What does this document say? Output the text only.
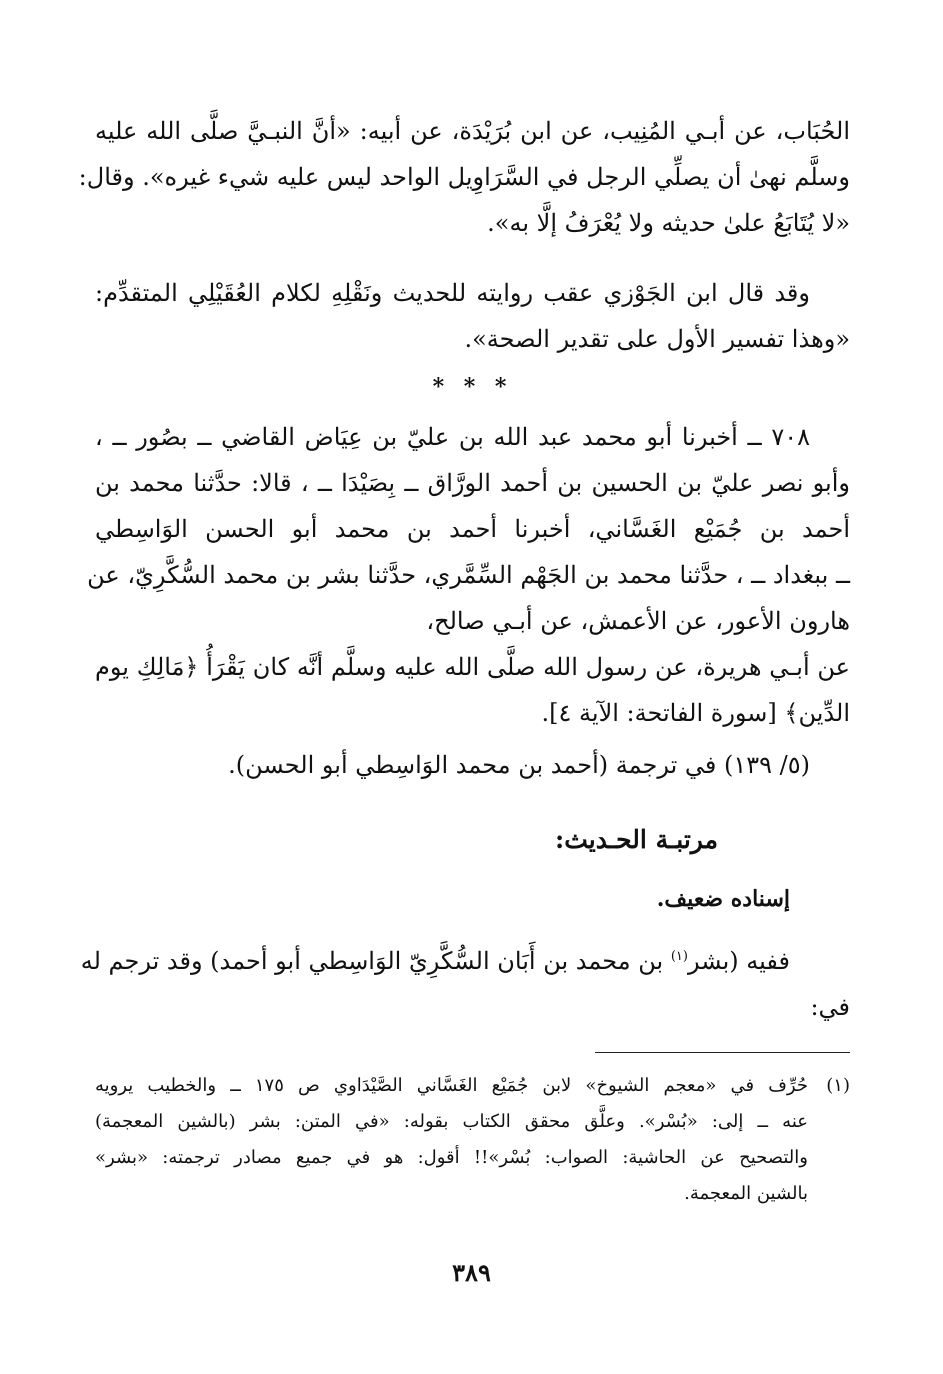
الحُبَاب، عن أبـي المُنِيب، عن ابن بُرَيْدَة، عن أبيه: «أنَّ النبـيَّ صلَّى الله عليه
وسلَّم نهىٰ أن يصلِّي الرجل في السَّرَاوِيل الواحد ليس عليه شيء غيره». وقال:
«لا يُتَابَعُ علىٰ حديثه ولا يُعْرَفُ إلَّا به».
وقد قال ابن الجَوْزي عقب روايته للحديث ونَقْلِهِ لكلام العُقَيْلِي المتقدِّم:
«وهذا تفسير الأول على تقدير الصحة».
* * *
٧٠٨ ــ أخبرنا أبو محمد عبد الله بن عليّ بن عِيَاض القاضي ــ بصُور ــ ،
وأبو نصر عليّ بن الحسين بن أحمد الورَّاق ــ بِصَيْدَا ــ ، قالا: حدَّثنا محمد بن
أحمد بن جُمَيْع الغَسَّاني، أخبرنا أحمد بن محمد أبو الحسن الوَاسِطي
ــ ببغداد ــ ، حدَّثنا محمد بن الجَهْم السِّمَّري، حدَّثنا بشر بن محمد السُّكَّرِيّ، عن
هارون الأعور، عن الأعمش، عن أبـي صالح،
عن أبـي هريرة، عن رسول الله صلَّى الله عليه وسلَّم أنَّه كان يَقْرَأُ ﴿مَالِكِ يوم
الدِّين﴾ [سورة الفاتحة: الآية ٤].
(٥/ ١٣٩) في ترجمة (أحمد بن محمد الوَاسِطي أبو الحسن).
مرتبـة الحـديث:
إسناده ضعيف.
ففيه (بشر$^{(١)}$ بن محمد بن أَبَان السُّكَّرِيّ الوَاسِطي أبو أحمد) وقد ترجم له
في:
(١)حُرِّف في «معجم الشيوخ» لابن جُمَيْع الغَسَّاني الصَّيْدَاوي ص ١٧٥ ــ والخطيب يرويه
عنه ــ إلى: «بُسْر». وعلَّق محقق الكتاب بقوله: «في المتن: بشر (بالشين المعجمة)
والتصحيح عن الحاشية: الصواب: بُسْر»!! أقول: هو في جميع مصادر ترجمته: «بشر»
بالشين المعجمة.
٣٨٩
